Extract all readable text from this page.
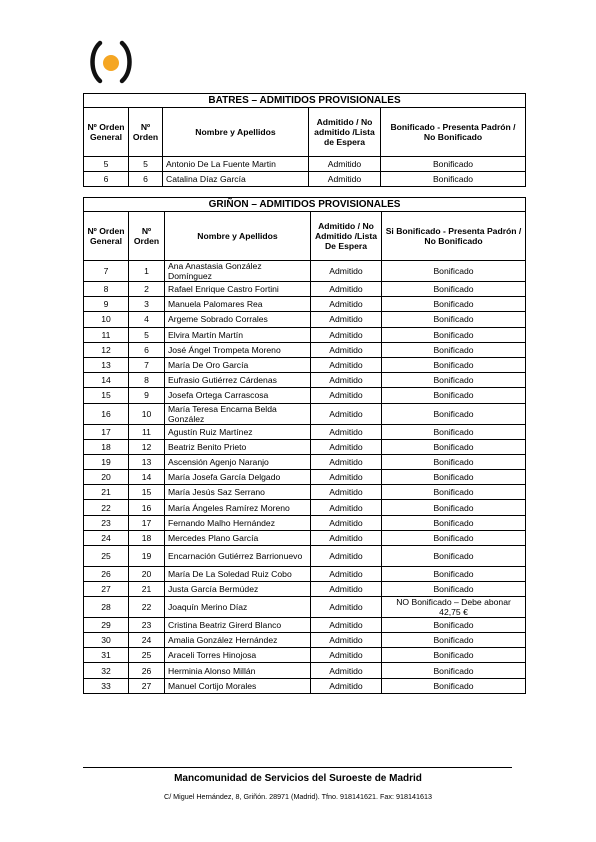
BATRES – ADMITIDOS PROVISIONALES				
Nº Orden General	Nº Orden	Nombre y Apellidos	Admitido / No admitido /Lista de Espera	Bonificado - Presenta Padrón / No Bonificado
5	5	Antonio De La Fuente Martin	Admitido	Bonificado
6	6	Catalina Díaz García	Admitido	Bonificado
GRIÑON – ADMITIDOS PROVISIONALES				
Nº Orden General	Nº Orden	Nombre y Apellidos	Admitido / No Admitido /Lista De Espera	Si Bonificado - Presenta Padrón / No Bonificado
7	1	Ana Anastasia González Domínguez	Admitido	Bonificado
8	2	Rafael Enrique Castro Fortini	Admitido	Bonificado
9	3	Manuela Palomares Rea	Admitido	Bonificado
10	4	Argeme Sobrado Corrales	Admitido	Bonificado
11	5	Elvira Martín Martín	Admitido	Bonificado
12	6	José Ángel Trompeta Moreno	Admitido	Bonificado
13	7	María De Oro García	Admitido	Bonificado
14	8	Eufrasio Gutiérrez Cárdenas	Admitido	Bonificado
15	9	Josefa Ortega Carrascosa	Admitido	Bonificado
16	10	María Teresa Encarna Belda González	Admitido	Bonificado
17	11	Agustín Ruiz Martínez	Admitido	Bonificado
18	12	Beatriz Benito Prieto	Admitido	Bonificado
19	13	Ascensión Agenjo Naranjo	Admitido	Bonificado
20	14	María Josefa García Delgado	Admitido	Bonificado
21	15	María Jesús Saz Serrano	Admitido	Bonificado
22	16	María Ángeles Ramírez Moreno	Admitido	Bonificado
23	17	Fernando Malho Hernández	Admitido	Bonificado
24	18	Mercedes Plano García	Admitido	Bonificado
25	19	Encarnación Gutiérrez Barrionuevo	Admitido	Bonificado
26	20	María De La Soledad Ruiz Cobo	Admitido	Bonificado
27	21	Justa García Bermúdez	Admitido	Bonificado
28	22	Joaquín Merino Díaz	Admitido	NO Bonificado – Debe abonar 42,75 €
29	23	Cristina Beatriz Girerd Blanco	Admitido	Bonificado
30	24	Amalia González Hernández	Admitido	Bonificado
31	25	Araceli Torres Hinojosa	Admitido	Bonificado
32	26	Herminia Alonso Millán	Admitido	Bonificado
33	27	Manuel Cortijo Morales	Admitido	Bonificado
Mancomunidad de Servicios del Suroeste de Madrid
C/ Miguel Hernández, 8, Griñón. 28971 (Madrid). Tfno. 918141621. Fax: 918141613
